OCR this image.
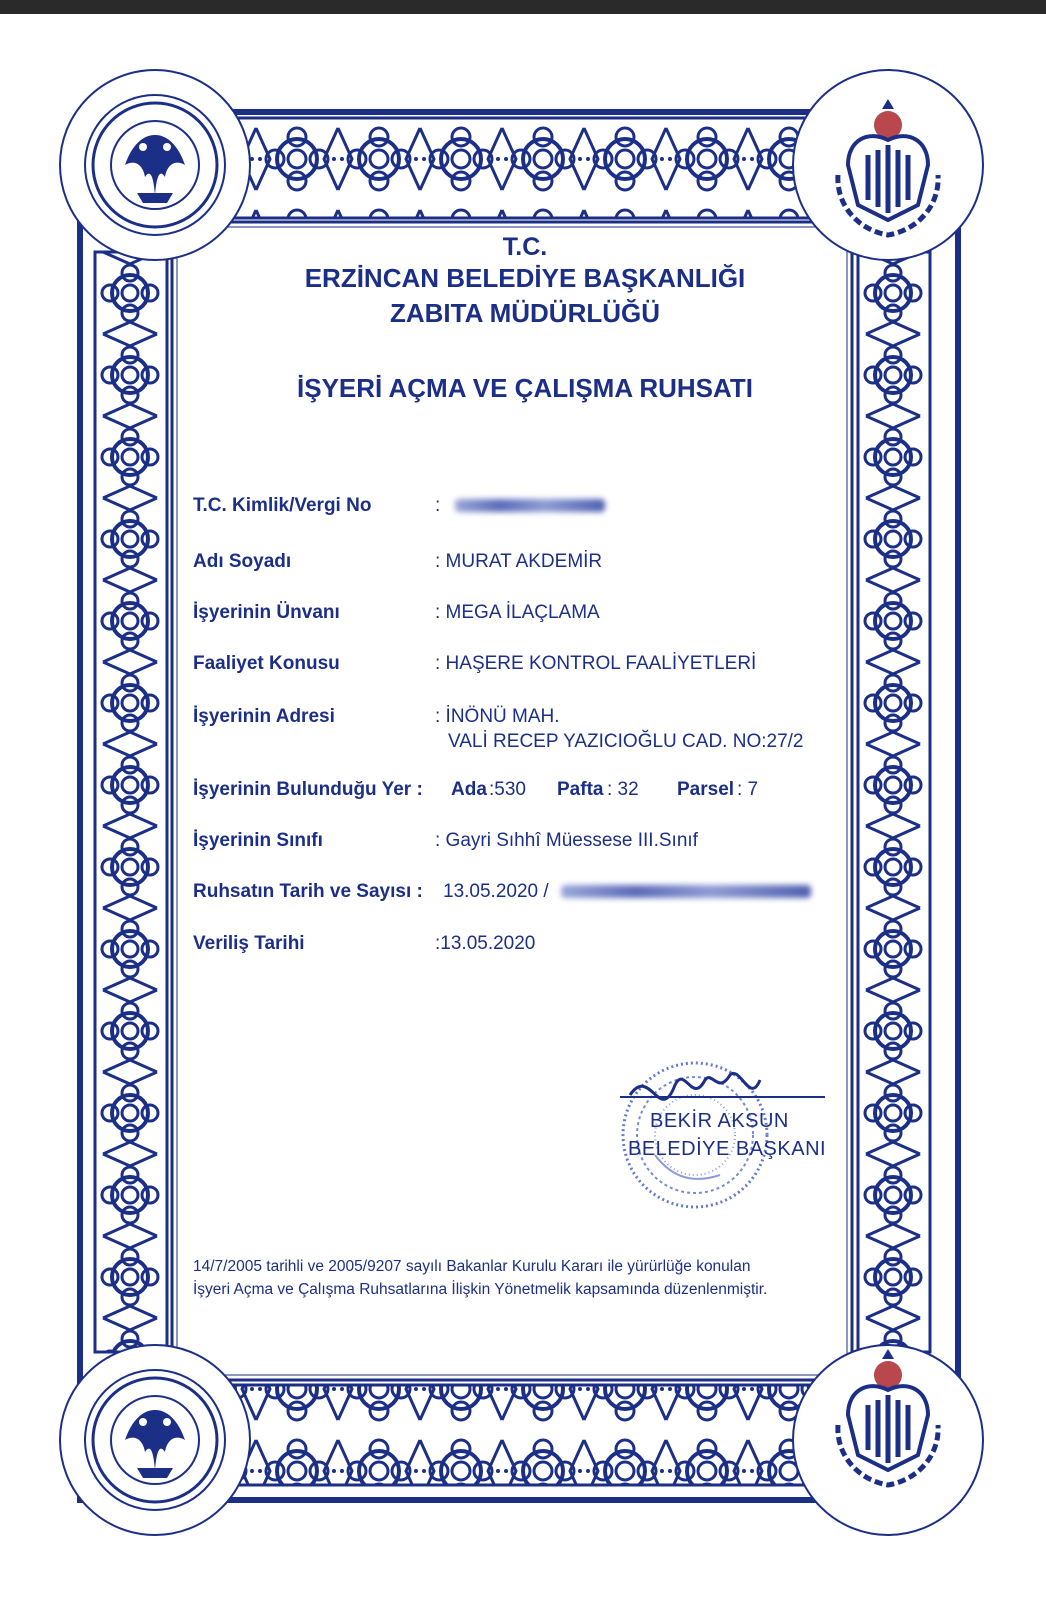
T.C.
ERZİNCAN BELEDİYE BAŞKANLIĞI
ZABITA MÜDÜRLÜĞÜ
İŞYERİ AÇMA VE ÇALIŞMA RUHSATI
T.C. Kimlik/Vergi No	:
Adı Soyadı	: MURAT AKDEMİR
İşyerinin Ünvanı	: MEGA İLAÇLAMA
Faaliyet Konusu	: HAŞERE KONTROL FAALİYETLERİ
İşyerinin Adresi	: İNÖNÜ MAH.
VALİ RECEP YAZICIOĞLU CAD. NO:27/2
İşyerinin Bulunduğu Yer : Ada :530 Pafta : 32 Parsel : 7
İşyerinin Sınıfı	: Gayri Sıhhî Müessese III.Sınıf
Ruhsatın Tarih ve Sayısı : 13.05.2020 /
Veriliş Tarihi	:13.05.2020
14/7/2005 tarihli ve 2005/9207 sayılı Bakanlar Kurulu Kararı ile yürürlüğe konulan
İşyeri Açma ve Çalışma Ruhsatlarına İlişkin Yönetmelik kapsamında düzenlenmiştir.
BEKİR AKSUN
BELEDİYE BAŞKANI
